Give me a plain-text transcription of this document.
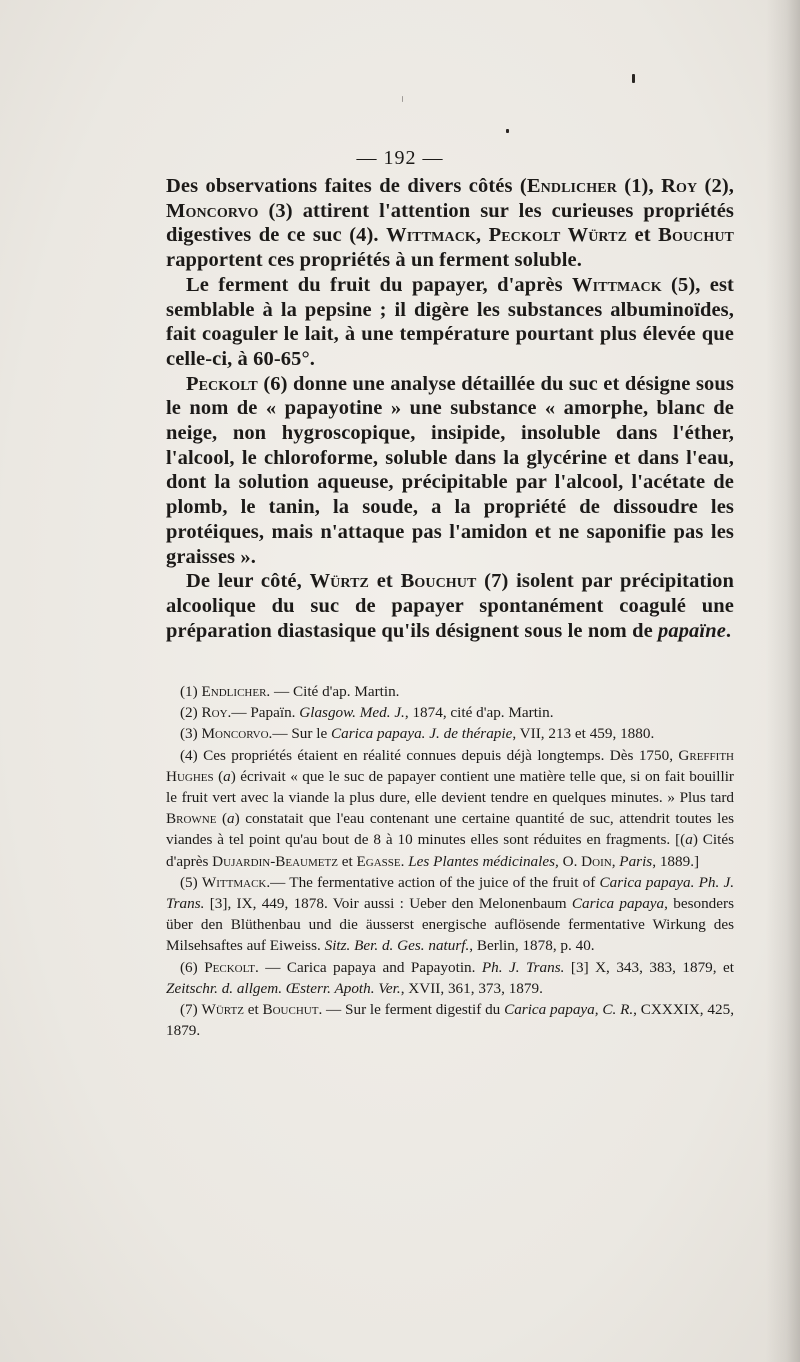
— 192 —

Des observations faites de divers côtés (Endlicher (1), Roy (2), Moncorvo (3) attirent l'attention sur les curieuses propriétés digestives de ce suc (4). Wittmack, Peckolt Würtz et Bouchut rapportent ces propriétés à un ferment soluble.

Le ferment du fruit du papayer, d'après Wittmack (5), est semblable à la pepsine ; il digère les substances albuminoïdes, fait coaguler le lait, à une température pourtant plus élevée que celle-ci, à 60-65°.

Peckolt (6) donne une analyse détaillée du suc et désigne sous le nom de « papayotine » une substance « amorphe, blanc de neige, non hygroscopique, insipide, insoluble dans l'éther, l'alcool, le chloroforme, soluble dans la glycérine et dans l'eau, dont la solution aqueuse, précipitable par l'alcool, l'acétate de plomb, le tanin, la soude, a la propriété de dissoudre les protéiques, mais n'attaque pas l'amidon et ne saponifie pas les graisses ».

De leur côté, Würtz et Bouchut (7) isolent par précipitation alcoolique du suc de papayer spontanément coagulé une préparation diastasique qu'ils désignent sous le nom de papaïne.

(1) Endlicher. — Cité d'ap. Martin.

(2) Roy.— Papaïn. Glasgow. Med. J., 1874, cité d'ap. Martin.

(3) Moncorvo.— Sur le Carica papaya. J. de thérapie, VII, 213 et 459, 1880.

(4) Ces propriétés étaient en réalité connues depuis déjà longtemps. Dès 1750, Greffith Hughes (a) écrivait « que le suc de papayer contient une matière telle que, si on fait bouillir le fruit vert avec la viande la plus dure, elle devient tendre en quelques minutes. » Plus tard Browne (a) constatait que l'eau contenant une certaine quantité de suc, attendrit toutes les viandes à tel point qu'au bout de 8 à 10 minutes elles sont réduites en fragments. [(a) Cités d'après Dujardin-Beaumetz et Egasse. Les Plantes médicinales, O. Doin, Paris, 1889.]

(5) Wittmack.— The fermentative action of the juice of the fruit of Carica papaya. Ph. J. Trans. [3], IX, 449, 1878. Voir aussi : Ueber den Melonenbaum Carica papaya, besonders über den Blüthenbau und die äusserst energische auflösende fermentative Wirkung des Milsehsaftes auf Eiweiss. Sitz. Ber. d. Ges. naturf., Berlin, 1878, p. 40.

(6) Peckolt. — Carica papaya and Papayotin. Ph. J. Trans. [3] X, 343, 383, 1879, et Zeitschr. d. allgem. Œsterr. Apoth. Ver., XVII, 361, 373, 1879.

(7) Würtz et Bouchut. — Sur le ferment digestif du Carica papaya, C. R., CXXXIX, 425, 1879.
